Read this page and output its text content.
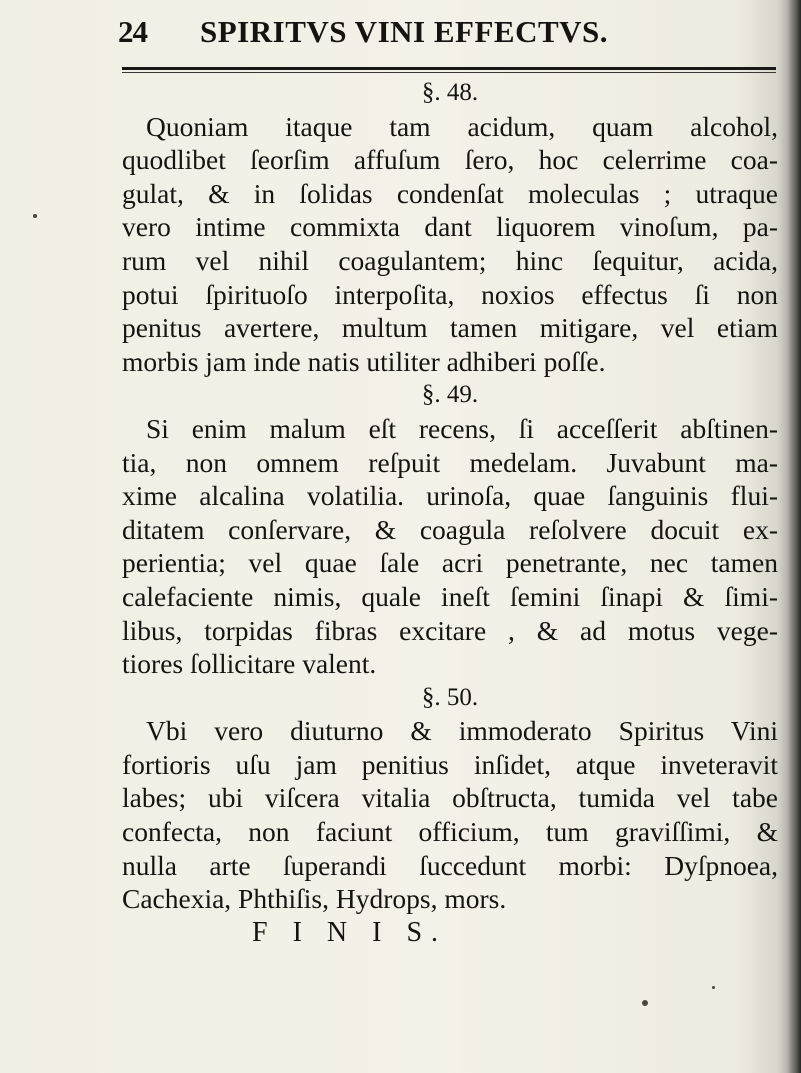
24 SPIRITVS VINI EFFECTVS.
§. 48.
Quoniam itaque tam acidum, quam alcohol,
quodlibet ſeorſim affuſum ſero, hoc celerrime coa-
gulat, & in ſolidas condenſat moleculas ; utraque
vero intime commixta dant liquorem vinoſum, pa-
rum vel nihil coagulantem; hinc ſequitur, acida,
potui ſpirituoſo interpoſita, noxios effectus ſi non
penitus avertere, multum tamen mitigare, vel etiam
morbis jam inde natis utiliter adhiberi poſſe.
§. 49.
Si enim malum eſt recens, ſi acceſſerit abſtinen-
tia, non omnem reſpuit medelam. Juvabunt ma-
xime alcalina volatilia. urinoſa, quae ſanguinis flui-
ditatem conſervare, & coagula reſolvere docuit ex-
perientia; vel quae ſale acri penetrante, nec tamen
calefaciente nimis, quale ineſt ſemini ſinapi & ſimi-
libus, torpidas fibras excitare , & ad motus vege-
tiores ſollicitare valent.
§. 50.
Vbi vero diuturno & immoderato Spiritus Vini
fortioris uſu jam penitius inſidet, atque inveteravit
labes; ubi viſcera vitalia obſtructa, tumida vel tabe
confecta, non faciunt officium, tum graviſſimi, &
nulla arte ſuperandi ſuccedunt morbi: Dyſpnoea,
Cachexia, Phthiſis, Hydrops, mors.
F I N I S.
